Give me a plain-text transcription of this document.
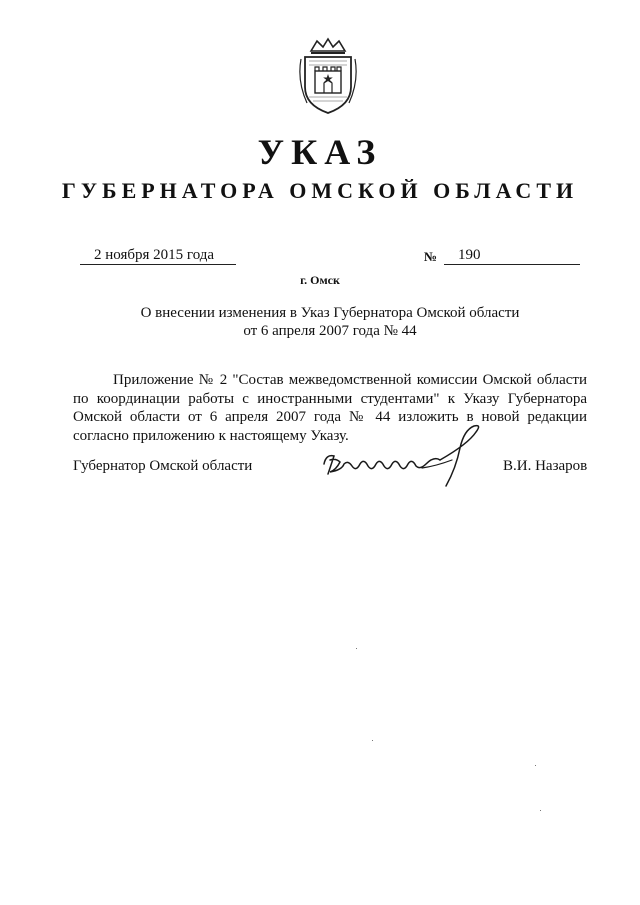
УКАЗ
ГУБЕРНАТОРА ОМСКОЙ ОБЛАСТИ
2 ноября 2015 года	№	190
г. Омск
О внесении изменения в Указ Губернатора Омской области
от 6 апреля 2007 года № 44

Приложение № 2 "Состав межведомственной комиссии Омской области по координации работы с иностранными студентами" к Указу Губернатора Омской области от 6 апреля 2007 года № 44 изложить в новой редакции согласно приложению к настоящему Указу.

Губернатор Омской области	В.И. Назаров
